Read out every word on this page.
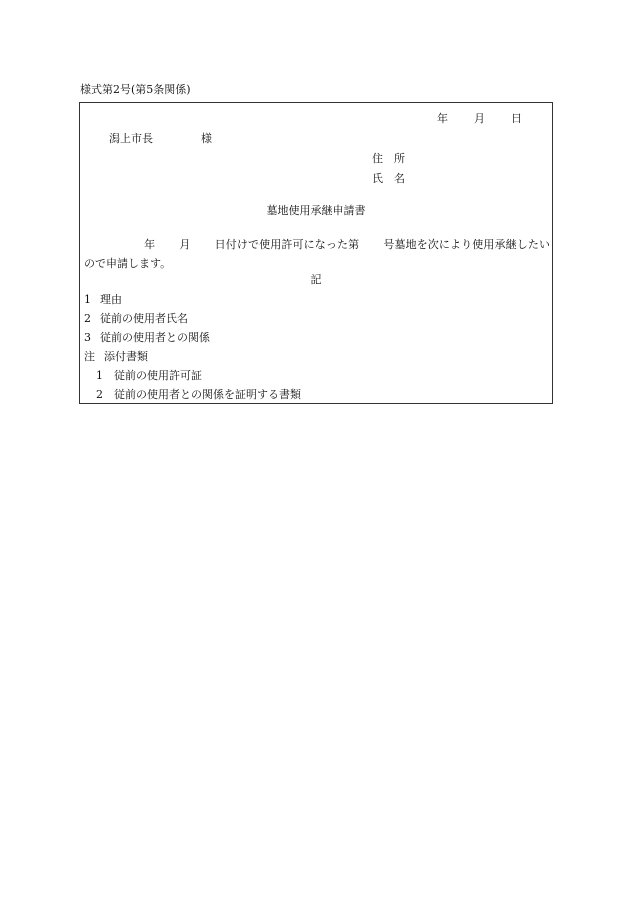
様式第2号(第5条関係)
年 月 日
潟上市長	様
住 所
氏 名
墓地使用承継申請書
年 月 日付けで使用許可になった第 号墓地を次により使用承継したいので申請します。
記
1 理由
2 従前の使用者氏名
3 従前の使用者との関係
注 添付書類
1 従前の使用許可証
2 従前の使用者との関係を証明する書類
